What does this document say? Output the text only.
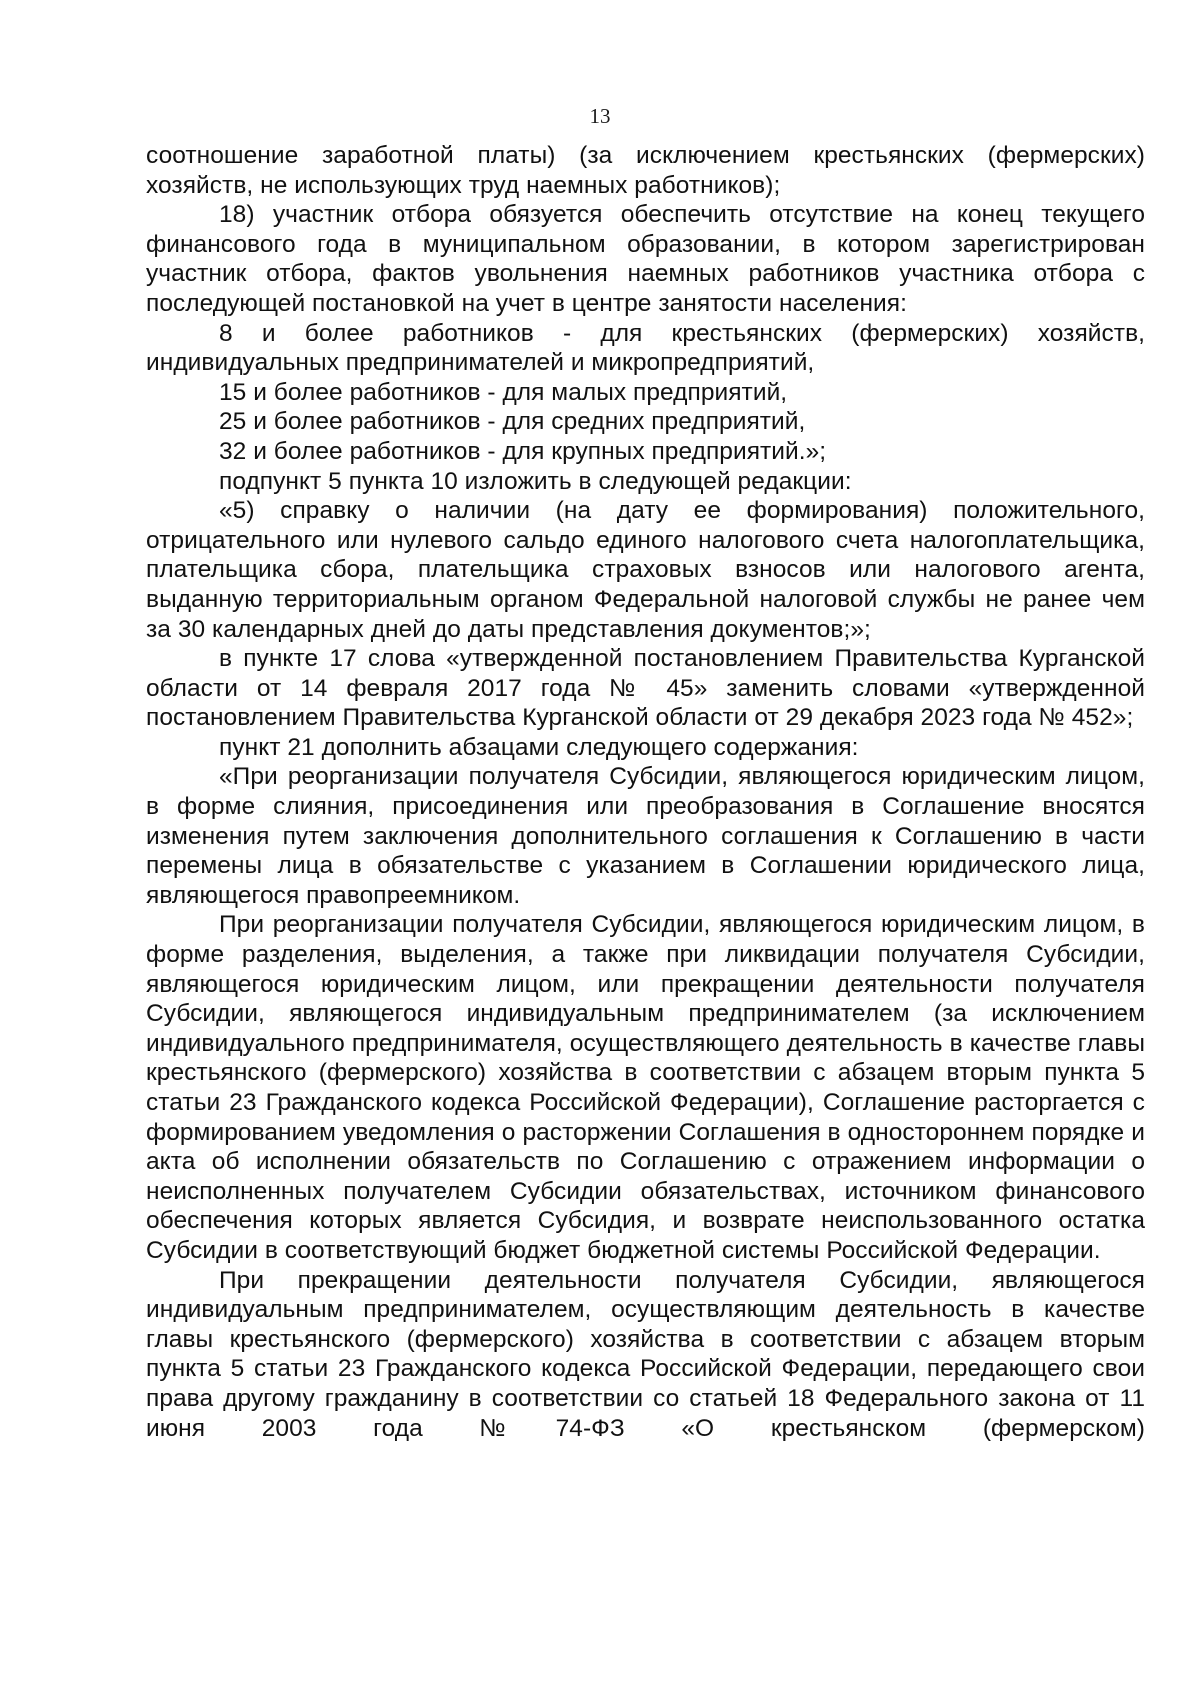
13

соотношение заработной платы) (за исключением крестьянских (фермерских) хозяйств, не использующих труд наемных работников);

18) участник отбора обязуется обеспечить отсутствие на конец текущего финансового года в муниципальном образовании, в котором зарегистрирован участник отбора, фактов увольнения наемных работников участника отбора с последующей постановкой на учет в центре занятости населения:

8 и более работников - для крестьянских (фермерских) хозяйств, индивидуальных предпринимателей и микропредприятий,

15 и более работников - для малых предприятий,

25 и более работников - для средних предприятий,

32 и более работников - для крупных предприятий.»;

подпункт 5 пункта 10 изложить в следующей редакции:

«5) справку о наличии (на дату ее формирования) положительного, отрицательного или нулевого сальдо единого налогового счета налогоплательщика, плательщика сбора, плательщика страховых взносов или налогового агента, выданную территориальным органом Федеральной налоговой службы не ранее чем за 30 календарных дней до даты представления документов;»;

в пункте 17 слова «утвержденной постановлением Правительства Курганской области от 14 февраля 2017 года № 45» заменить словами «утвержденной постановлением Правительства Курганской области от 29 декабря 2023 года № 452»;

пункт 21 дополнить абзацами следующего содержания:

«При реорганизации получателя Субсидии, являющегося юридическим лицом, в форме слияния, присоединения или преобразования в Соглашение вносятся изменения путем заключения дополнительного соглашения к Соглашению в части перемены лица в обязательстве с указанием в Соглашении юридического лица, являющегося правопреемником.

При реорганизации получателя Субсидии, являющегося юридическим лицом, в форме разделения, выделения, а также при ликвидации получателя Субсидии, являющегося юридическим лицом, или прекращении деятельности получателя Субсидии, являющегося индивидуальным предпринимателем (за исключением индивидуального предпринимателя, осуществляющего деятельность в качестве главы крестьянского (фермерского) хозяйства в соответствии с абзацем вторым пункта 5 статьи 23 Гражданского кодекса Российской Федерации), Соглашение расторгается с формированием уведомления о расторжении Соглашения в одностороннем порядке и акта об исполнении обязательств по Соглашению с отражением информации о неисполненных получателем Субсидии обязательствах, источником финансового обеспечения которых является Субсидия, и возврате неиспользованного остатка Субсидии в соответствующий бюджет бюджетной системы Российской Федерации.

При прекращении деятельности получателя Субсидии, являющегося индивидуальным предпринимателем, осуществляющим деятельность в качестве главы крестьянского (фермерского) хозяйства в соответствии с абзацем вторым пункта 5 статьи 23 Гражданского кодекса Российской Федерации, передающего свои права другому гражданину в соответствии со статьей 18 Федерального закона от 11 июня 2003 года №74-ФЗ «О крестьянском (фермерском)
